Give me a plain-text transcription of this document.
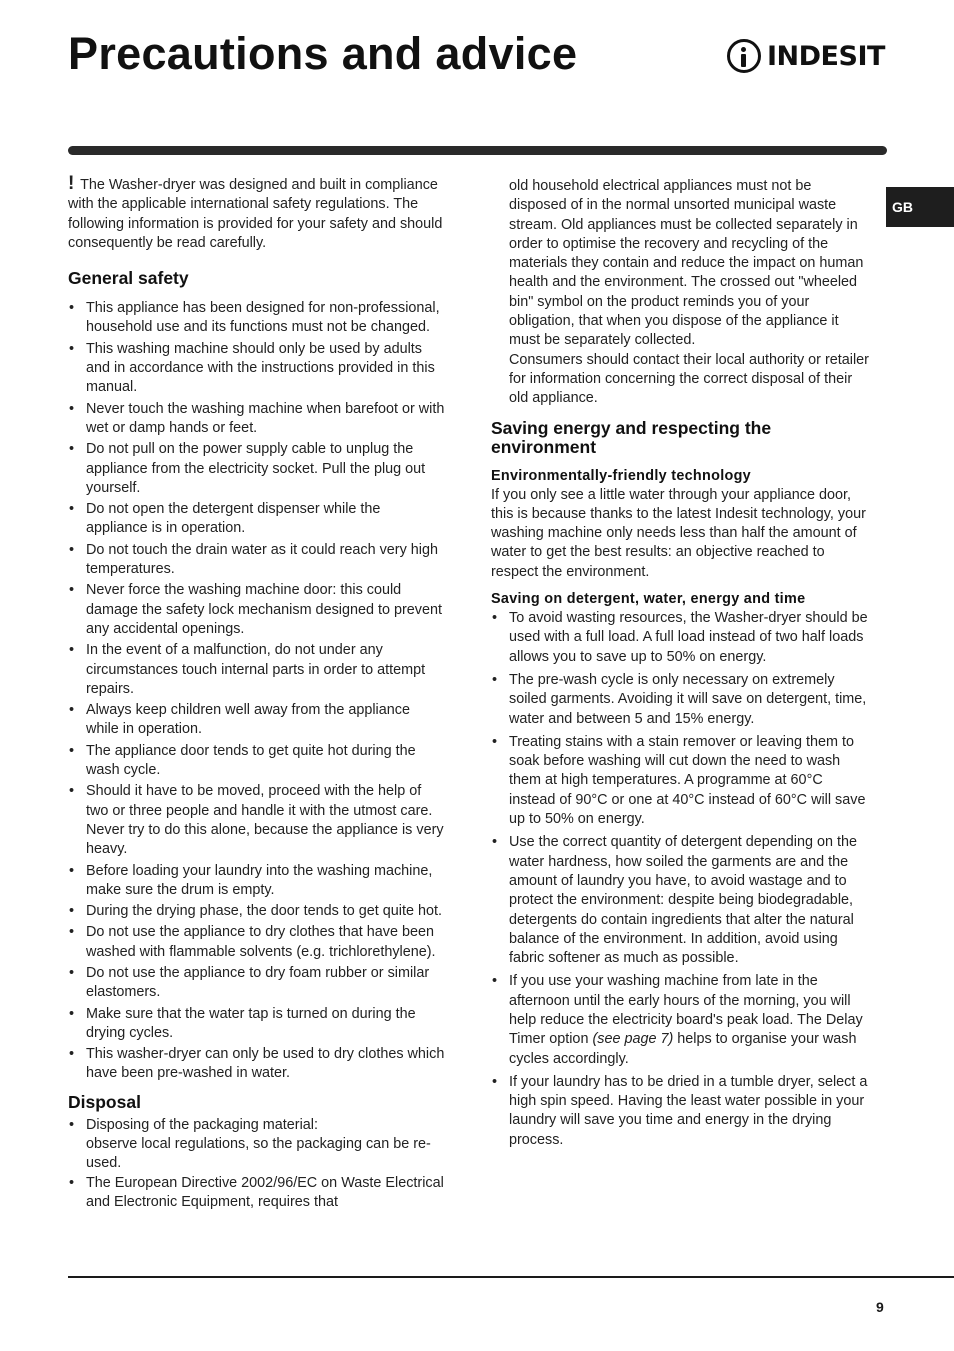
Precautions and advice	INDESIT
GB

! The Washer-dryer was designed and built in compliance with the applicable international safety regulations. The following information is provided for your safety and should consequently be read carefully.

General safety
• This appliance has been designed for non-professional, household use and its functions must not be changed.
• This washing machine should only be used by adults and in accordance with the instructions provided in this manual.
• Never touch the washing machine when barefoot or with wet or damp hands or feet.
• Do not pull on the power supply cable to unplug the appliance from the electricity socket. Pull the plug out yourself.
• Do not open the detergent dispenser while the appliance is in operation.
• Do not touch the drain water as it could reach very high temperatures.
• Never force the washing machine door: this could damage the safety lock mechanism designed to prevent any accidental openings.
• In the event of a malfunction, do not under any circumstances touch internal parts in order to attempt repairs.
• Always keep children well away from the appliance while in operation.
• The appliance door tends to get quite hot during the wash cycle.
• Should it have to be moved, proceed with the help of two or three people and handle it with the utmost care. Never try to do this alone, because the appliance is very heavy.
• Before loading your laundry into the washing machine, make sure the drum is empty.
• During the drying phase, the door tends to get quite hot.
• Do not use the appliance to dry clothes that have been washed with flammable solvents (e.g. trichlorethylene).
• Do not use the appliance to dry foam rubber or similar elastomers.
• Make sure that the water tap is turned on during the drying cycles.
• This washer-dryer can only be used to dry clothes which have been pre-washed in water.
Disposal
• Disposing of the packaging material:
observe local regulations, so the packaging can be re-used.
• The European Directive 2002/96/EC on Waste Electrical and Electronic Equipment, requires that

old household electrical appliances must not be disposed of in the normal unsorted municipal waste stream. Old appliances must be collected separately in order to optimise the recovery and recycling of the materials they contain and reduce the impact on human health and the environment. The crossed out "wheeled bin" symbol on the product reminds you of your obligation, that when you dispose of the appliance it must be separately collected.

Consumers should contact their local authority or retailer for information concerning the correct disposal of their old appliance.

Saving energy and respecting the environment
Environmentally-friendly technology

If you only see a little water through your appliance door, this is because thanks to the latest Indesit technology, your washing machine only needs less than half the amount of water to get the best results: an objective reached to respect the environment.

Saving on detergent, water, energy and time
• To avoid wasting resources, the Washer-dryer should be used with a full load. A full load instead of two half loads allows you to save up to 50% on energy.
• The pre-wash cycle is only necessary on extremely soiled garments. Avoiding it will save on detergent, time, water and between 5 and 15% energy.
• Treating stains with a stain remover or leaving them to soak before washing will cut down the need to wash them at high temperatures. A programme at 60°C instead of 90°C or one at 40°C instead of 60°C will save up to 50% on energy.
• Use the correct quantity of detergent depending on the water hardness, how soiled the garments are and the amount of laundry you have, to avoid wastage and to protect the environment: despite being biodegradable, detergents do contain ingredients that alter the natural balance of the environment. In addition, avoid using fabric softener as much as possible.
• If you use your washing machine from late in the afternoon until the early hours of the morning, you will help reduce the electricity board's peak load. The Delay Timer option (see page 7) helps to organise your wash cycles accordingly.
• If your laundry has to be dried in a tumble dryer, select a high spin speed. Having the least water possible in your laundry will save you time and energy in the drying process.
9
